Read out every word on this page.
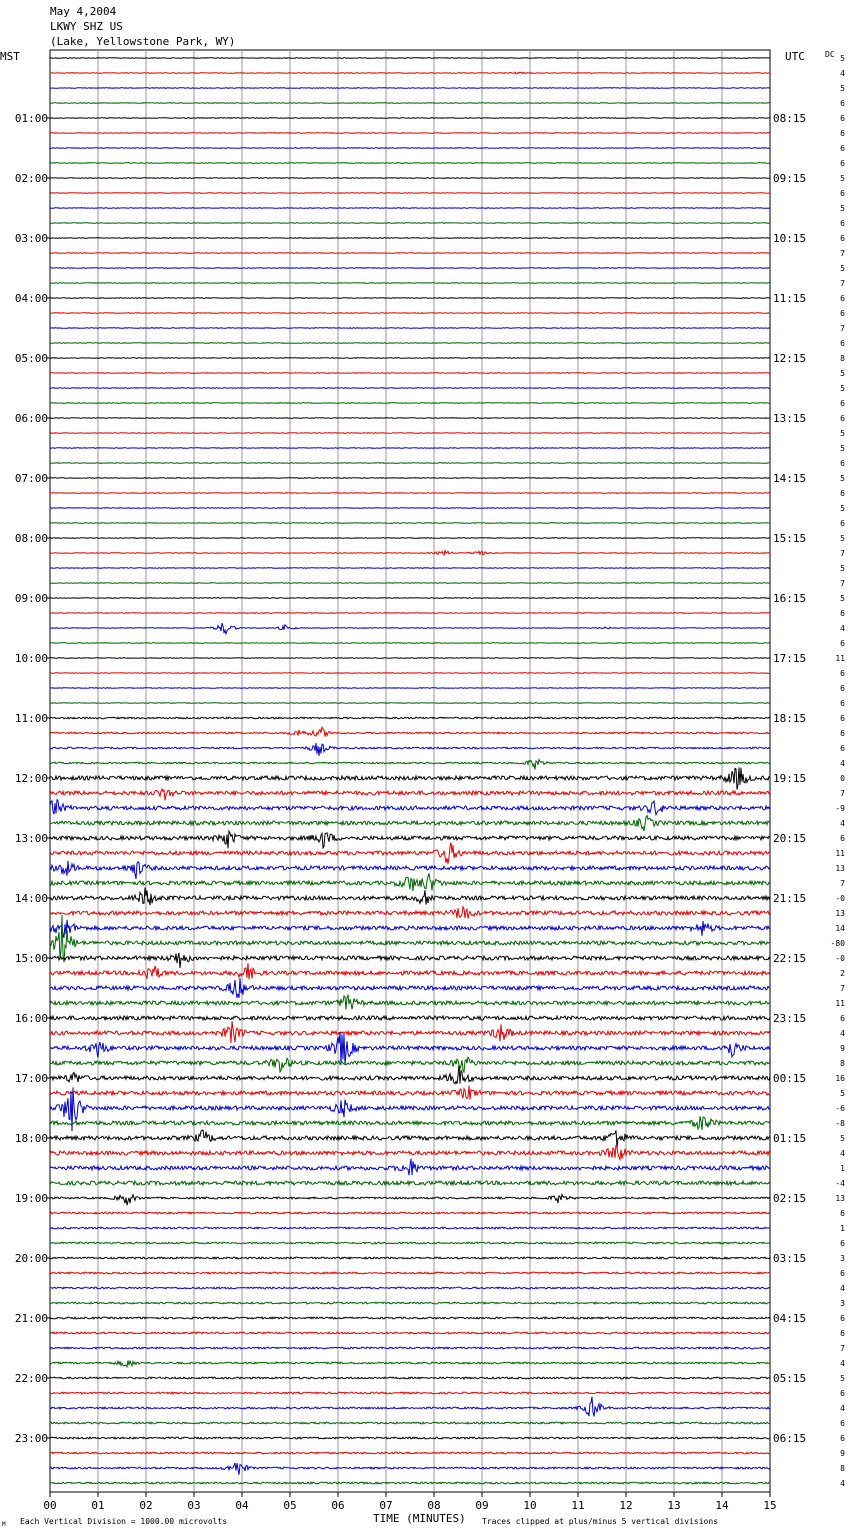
May 4,2004
LKWY SHZ US
(Lake, Yellowstone Park, WY)
MST	UTC	DC
01:00
02:00
03:00
04:00
05:00
06:00
07:00
08:00
09:00
10:00
11:00
12:00
13:00
14:00
15:00
16:00
17:00
18:00
19:00
20:00
21:00
22:00
23:00
08:15
09:15
10:15
11:15
12:15
13:15
14:15
15:15
16:15
17:15
18:15
19:15
20:15
21:15
22:15
23:15
00:15
01:15
02:15
03:15
04:15
05:15
06:15
5
4
5
6
6
6
6
6
5
6
5
6
6
7
5
7
6
6
7
6
8
5
5
6
6
5
5
6
5
6
5
6
5
7
5
7
5
6
4
6
11
6
6
6
6
6
6
4
0
7
-9
4
6
11
13
7
-0
13
14
-80
-0
2
7
11
6
4
9
8
16
5
-6
-8
5
4
1
-4
13
6
1
6
3
6
4
3
6
6
7
4
5
6
4
6
6
9
8
4
00	01	02	03	04	05	06	07	08	09	10	11	12	13	14	15
TIME (MINUTES)
M Each Vertical Division = 1000.00 microvolts	Traces clipped at plus/minus 5 vertical divisions
